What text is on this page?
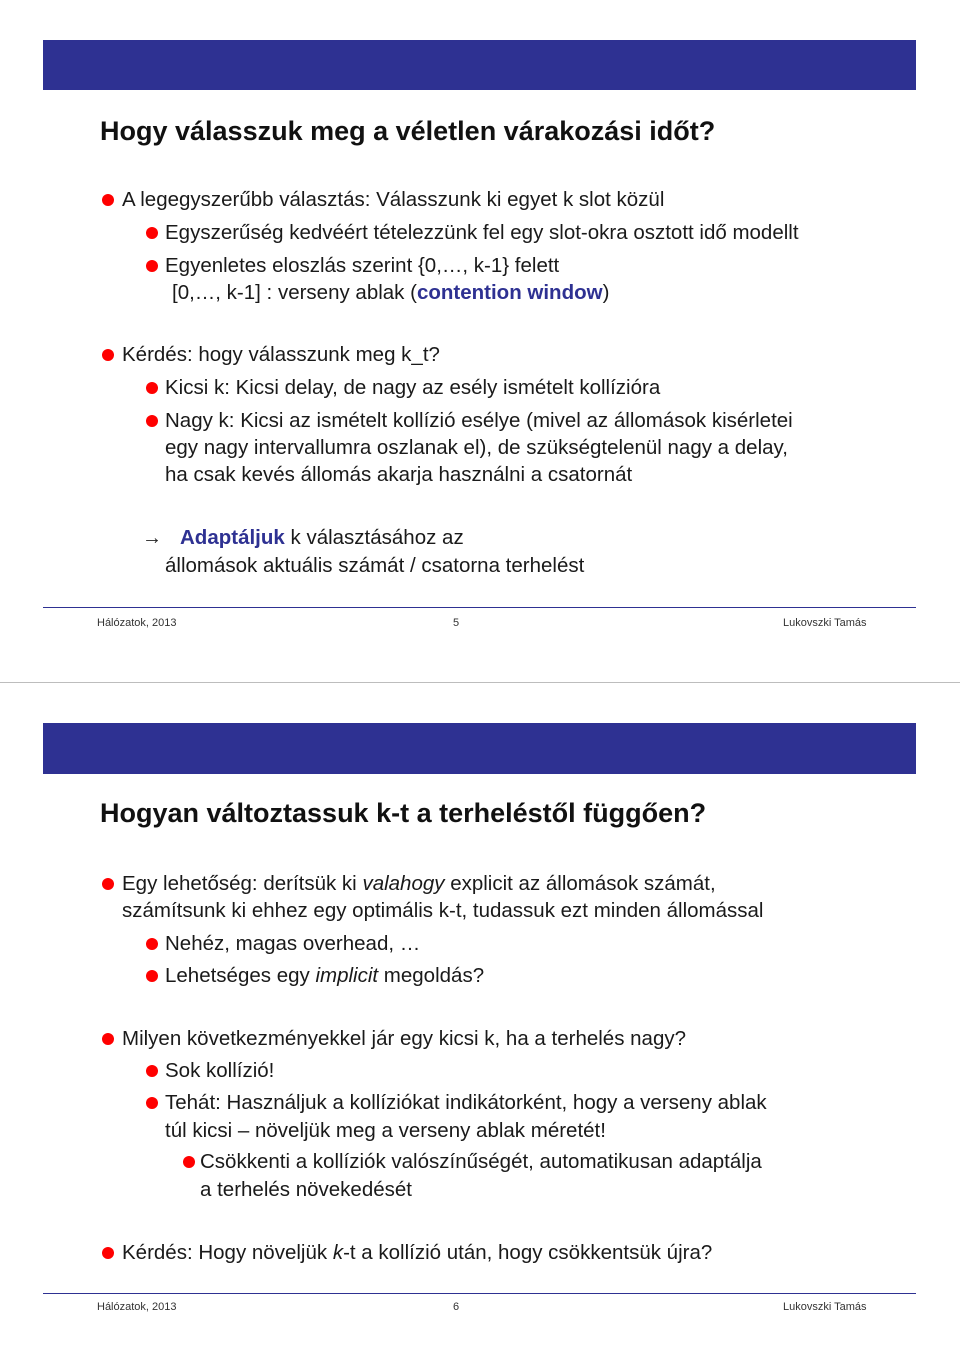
Hogy válasszuk meg a véletlen várakozási időt?
A legegyszerűbb választás: Válasszunk ki egyet k slot közül
Egyszerűség kedvéért tételezzünk fel egy slot-okra osztott idő modellt
Egyenletes eloszlás szerint {0,…, k-1} felett
[0,…, k-1] : verseny ablak (contention window)
Kérdés: hogy válasszunk meg k_t?
Kicsi k: Kicsi delay, de nagy az esély ismételt kollízióra
Nagy k: Kicsi az ismételt kollízió esélye (mivel az állomások kisérletei
egy nagy intervallumra oszlanak el), de szükségtelenül nagy a delay,
ha csak kevés állomás akarja használni a csatornát
→ Adaptáljuk k választásához az
állomások aktuális számát / csatorna terhelést
Hálózatok, 2013	5	Lukovszki Tamás
Hogyan változtassuk k-t a terheléstől függően?
Egy lehetőség: derítsük ki valahogy explicit az állomások számát,
számítsunk ki ehhez egy optimális k-t, tudassuk ezt minden állomással
Nehéz, magas overhead, …
Lehetséges egy implicit megoldás?
Milyen következményekkel jár egy kicsi k, ha a terhelés nagy?
Sok kollízió!
Tehát: Használjuk a kollíziókat indikátorként, hogy a verseny ablak
túl kicsi – növeljük meg a verseny ablak méretét!
Csökkenti a kollíziók valószínűségét, automatikusan adaptálja
a terhelés növekedését
Kérdés: Hogy növeljük k-t a kollízió után, hogy csökkentsük újra?
Hálózatok, 2013	6	Lukovszki Tamás
